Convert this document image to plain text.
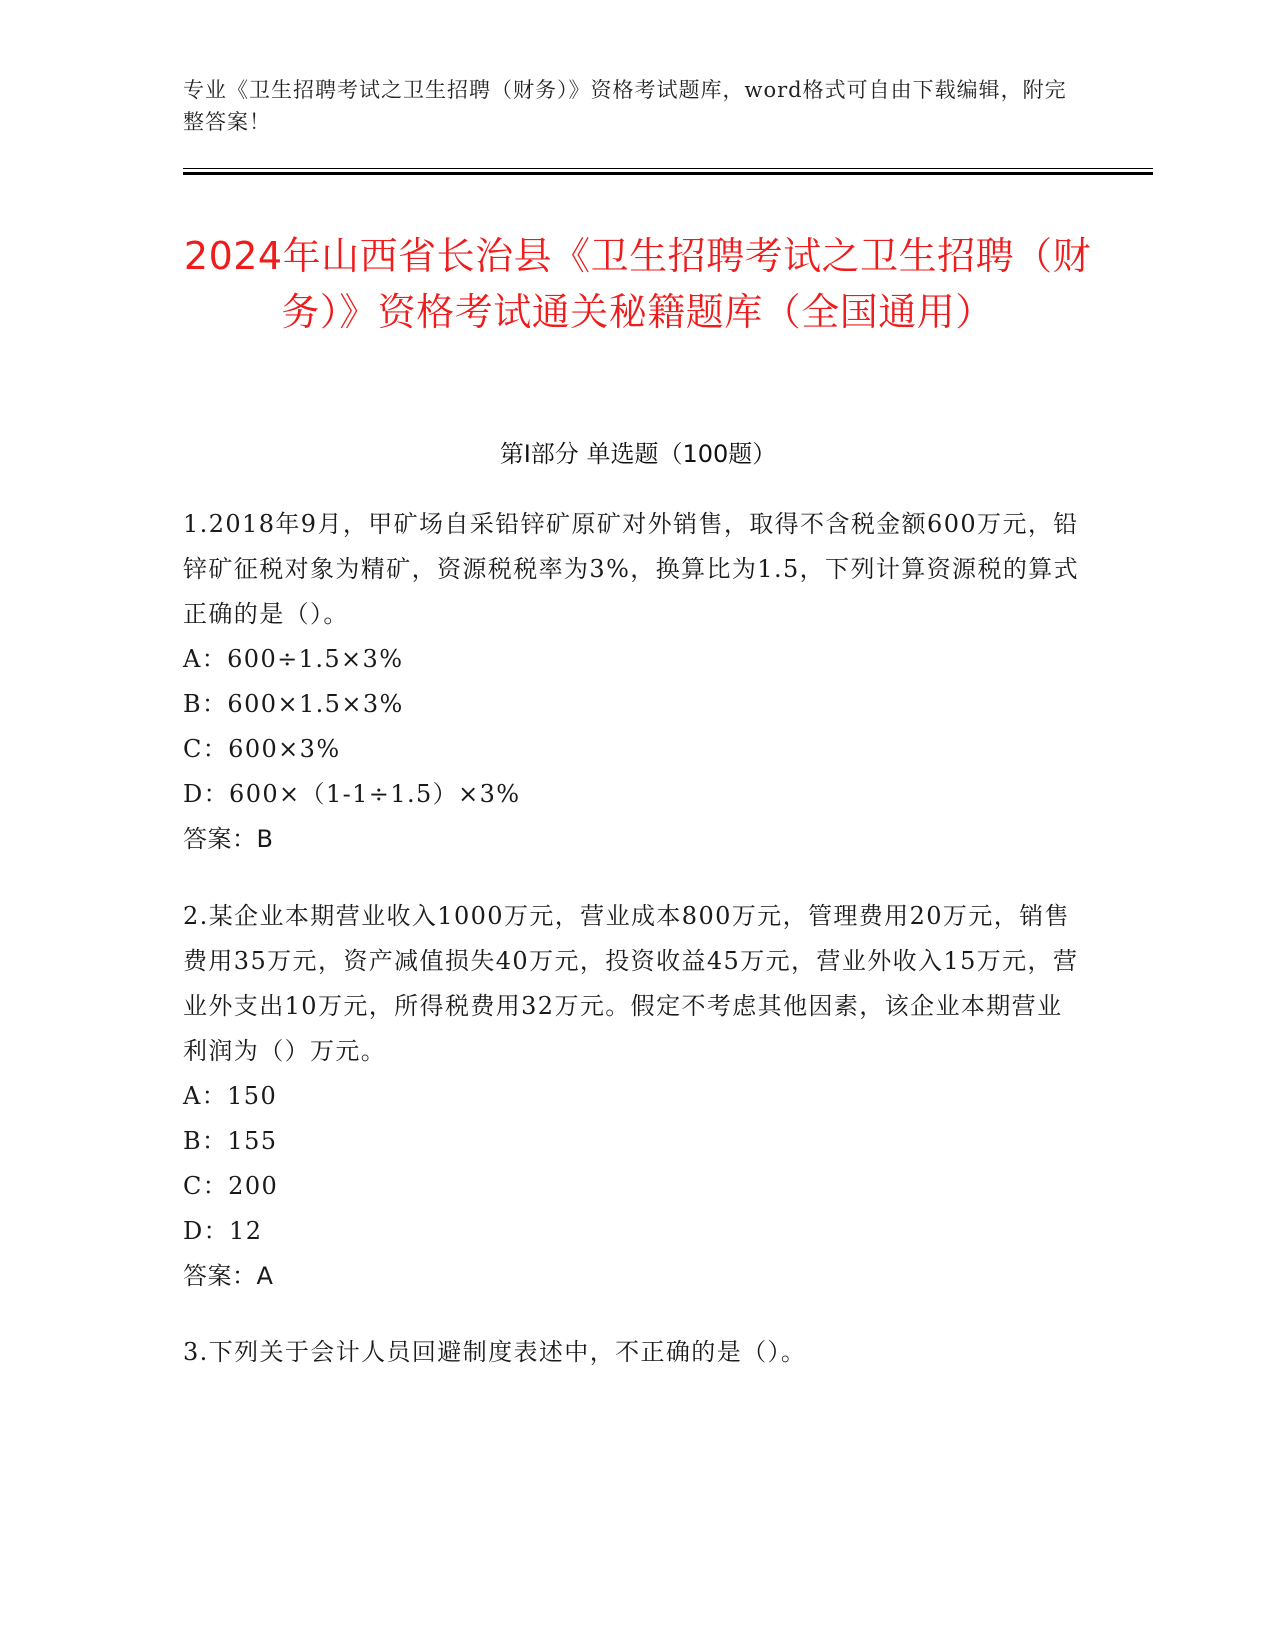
专业《卫生招聘考试之卫生招聘（财务）》资格考试题库，word格式可自由下载编辑，附完整答案！
2024年山西省长治县《卫生招聘考试之卫生招聘（财务）》资格考试通关秘籍题库（全国通用）
第Ⅰ部分 单选题（100题）
1.2018年9月，甲矿场自采铅锌矿原矿对外销售，取得不含税金额600万元，铅锌矿征税对象为精矿，资源税税率为3%，换算比为1.5，下列计算资源税的算式正确的是（）。
A：600÷1.5×3%
B：600×1.5×3%
C：600×3%
D：600×（1-1÷1.5）×3%
答案：B
2.某企业本期营业收入1000万元，营业成本800万元，管理费用20万元，销售费用35万元，资产减值损失40万元，投资收益45万元，营业外收入15万元，营业外支出10万元，所得税费用32万元。假定不考虑其他因素，该企业本期营业利润为（）万元。
A：150
B：155
C：200
D：12
答案：A
3.下列关于会计人员回避制度表述中，不正确的是（）。
